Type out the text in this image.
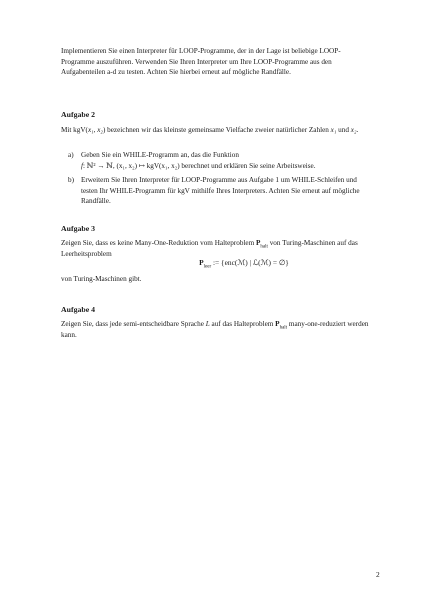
Implementieren Sie einen Interpreter für LOOP-Programme, der in der Lage ist beliebige LOOP-Programme auszuführen. Verwenden Sie Ihren Interpreter um Ihre LOOP-Programme aus den Aufgabenteilen a-d zu testen. Achten Sie hierbei erneut auf mögliche Randfälle.

Aufgabe 2

Mit kgV(x₁, x₂) bezeichnen wir das kleinste gemeinsame Vielfache zweier natürlicher Zahlen x₁ und x₂.

a) Geben Sie ein WHILE-Programm an, das die Funktion

f: ℕ² → ℕ, (x₁, x₂) ↦ kgV(x₁, x₂) berechnet und erklären Sie seine Arbeitsweise.

b) Erweitern Sie Ihren Interpreter für LOOP-Programme aus Aufgabe 1 um WHILE-Schleifen und testen Ihr WHILE-Programm für kgV mithilfe Ihres Interpreters. Achten Sie erneut auf mögliche Randfälle.

Aufgabe 3

Zeigen Sie, dass es keine Many-One-Reduktion vom Halteproblem $P_{halt}$ von Turing-Maschinen auf das Leerheitsproblem

$P_{leer}$ := {enc(ℳ) | ℒ(ℳ) = ∅}

von Turing-Maschinen gibt.

Aufgabe 4

Zeigen Sie, dass jede semi-entscheidbare Sprache L auf das Halteproblem $P_{halt}$ many-one-reduziert werden kann.

2
